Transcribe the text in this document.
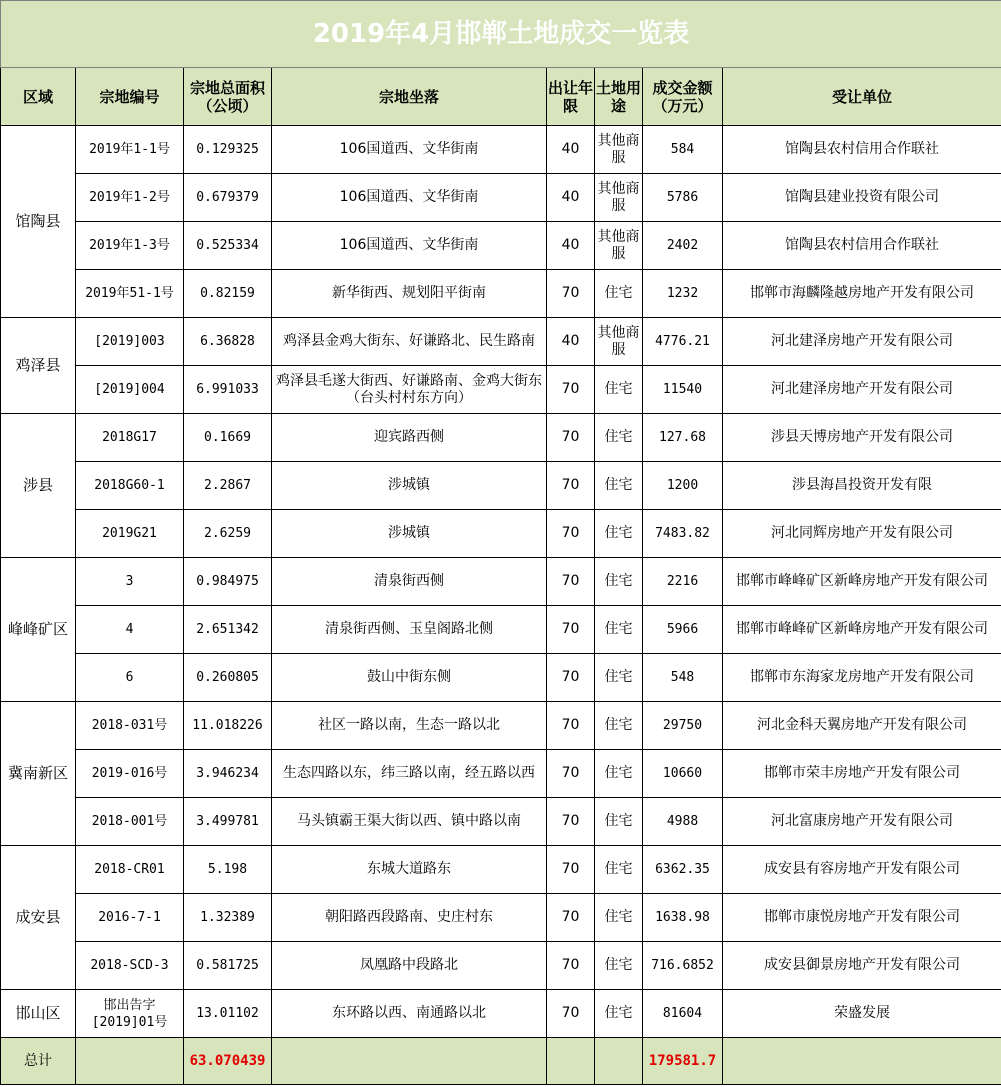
2019年4月邯郸土地成交一览表							
区域	宗地编号	宗地总面积（公顷）	宗地坐落	出让年限	土地用途	成交金额（万元）	受让单位
馆陶县	2019年1-1号	0.129325	106国道西、文华街南	40	其他商服	584	馆陶县农村信用合作联社
	2019年1-2号	0.679379	106国道西、文华街南	40	其他商服	5786	馆陶县建业投资有限公司
	2019年1-3号	0.525334	106国道西、文华街南	40	其他商服	2402	馆陶县农村信用合作联社
	2019年51-1号	0.82159	新华街西、规划阳平街南	70	住宅	1232	邯郸市海麟隆越房地产开发有限公司
鸡泽县	[2019]003	6.36828	鸡泽县金鸡大街东、好谦路北、民生路南	40	其他商服	4776.21	河北建泽房地产开发有限公司
	[2019]004	6.991033	鸡泽县毛遂大街西、好谦路南、金鸡大街东（台头村村东方向）	70	住宅	11540	河北建泽房地产开发有限公司
涉县	2018G17	0.1669	迎宾路西侧	70	住宅	127.68	涉县天博房地产开发有限公司
	2018G60-1	2.2867	涉城镇	70	住宅	1200	涉县海昌投资开发有限
	2019G21	2.6259	涉城镇	70	住宅	7483.82	河北同辉房地产开发有限公司
峰峰矿区	3	0.984975	清泉街西侧	70	住宅	2216	邯郸市峰峰矿区新峰房地产开发有限公司
	4	2.651342	清泉街西侧、玉皇阁路北侧	70	住宅	5966	邯郸市峰峰矿区新峰房地产开发有限公司
	6	0.260805	鼓山中街东侧	70	住宅	548	邯郸市东海家龙房地产开发有限公司
冀南新区	2018-031号	11.018226	社区一路以南，生态一路以北	70	住宅	29750	河北金科天翼房地产开发有限公司
	2019-016号	3.946234	生态四路以东，纬三路以南，经五路以西	70	住宅	10660	邯郸市荣丰房地产开发有限公司
	2018-001号	3.499781	马头镇霸王渠大街以西、镇中路以南	70	住宅	4988	河北富康房地产开发有限公司
成安县	2018-CR01	5.198	东城大道路东	70	住宅	6362.35	成安县有容房地产开发有限公司
	2016-7-1	1.32389	朝阳路西段路南、史庄村东	70	住宅	1638.98	邯郸市康悦房地产开发有限公司
	2018-SCD-3	0.581725	凤凰路中段路北	70	住宅	716.6852	成安县御景房地产开发有限公司
邯山区	邯出告字[2019]01号	13.01102	东环路以西、南通路以北	70	住宅	81604	荣盛发展
总计		63.070439				179581.7	
